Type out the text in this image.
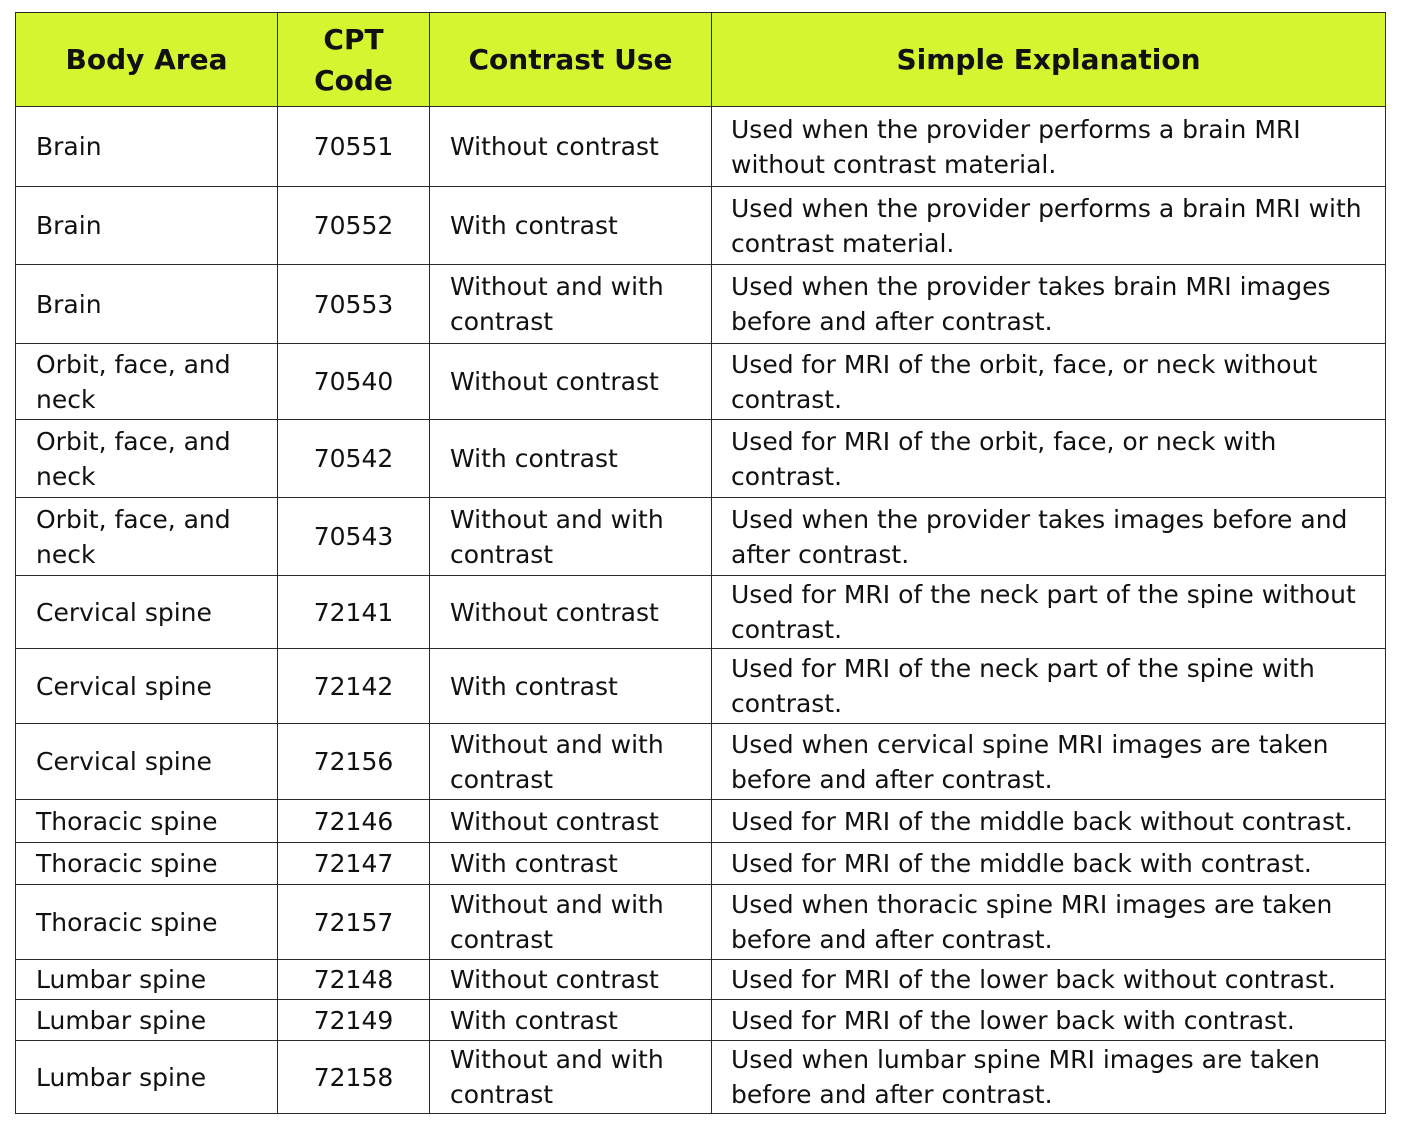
Body Area	CPT Code	Contrast Use	Simple Explanation
Brain	70551	Without contrast	Used when the provider performs a brain MRI without contrast material.
Brain	70552	With contrast	Used when the provider performs a brain MRI with contrast material.
Brain	70553	Without and with contrast	Used when the provider takes brain MRI images before and after contrast.
Orbit, face, and neck	70540	Without contrast	Used for MRI of the orbit, face, or neck without contrast.
Orbit, face, and neck	70542	With contrast	Used for MRI of the orbit, face, or neck with contrast.
Orbit, face, and neck	70543	Without and with contrast	Used when the provider takes images before and after contrast.
Cervical spine	72141	Without contrast	Used for MRI of the neck part of the spine without contrast.
Cervical spine	72142	With contrast	Used for MRI of the neck part of the spine with contrast.
Cervical spine	72156	Without and with contrast	Used when cervical spine MRI images are taken before and after contrast.
Thoracic spine	72146	Without contrast	Used for MRI of the middle back without contrast.
Thoracic spine	72147	With contrast	Used for MRI of the middle back with contrast.
Thoracic spine	72157	Without and with contrast	Used when thoracic spine MRI images are taken before and after contrast.
Lumbar spine	72148	Without contrast	Used for MRI of the lower back without contrast.
Lumbar spine	72149	With contrast	Used for MRI of the lower back with contrast.
Lumbar spine	72158	Without and with contrast	Used when lumbar spine MRI images are taken before and after contrast.
